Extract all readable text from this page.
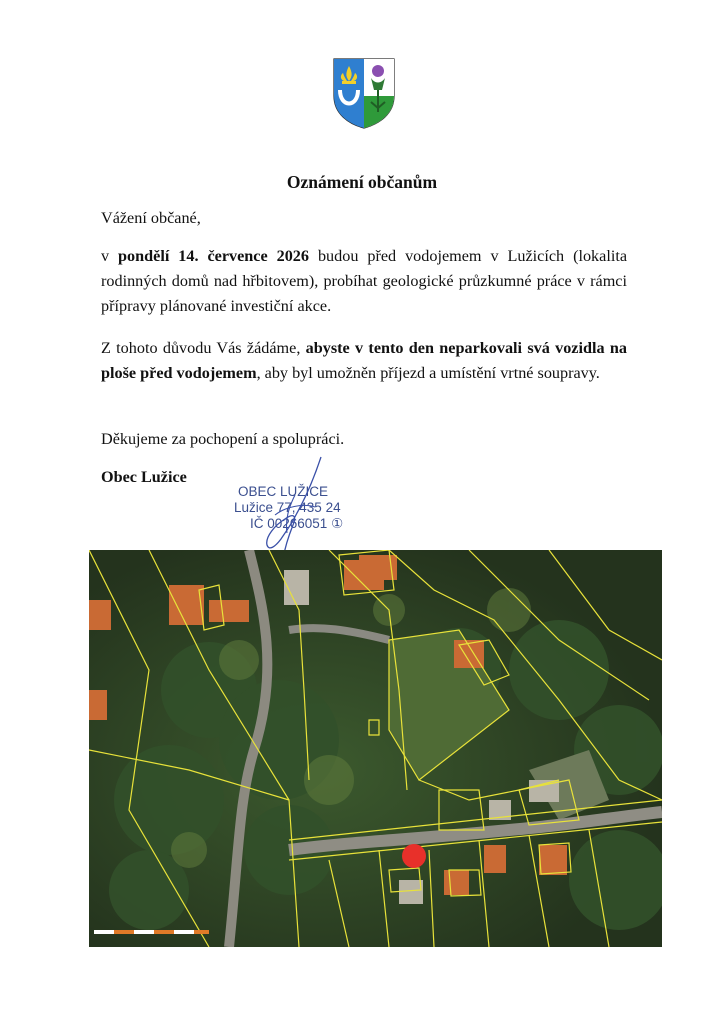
Oznámení občanům
Vážení občané,
v pondělí 14. července 2026 budou před vodojemem v Lužicích (lokalita rodinných domů nad hřbitovem), probíhat geologické průzkumné práce v rámci přípravy plánované investiční akce.
Z tohoto důvodu Vás žádáme, abyste v tento den neparkovali svá vozidla na ploše před vodojemem, aby byl umožněn příjezd a umístění vrtné soupravy.
Děkujeme za pochopení a spolupráci.
Obec Lužice
OBEC LUŽICE
Lužice 77, 435 24
IČ 00266051 ①
